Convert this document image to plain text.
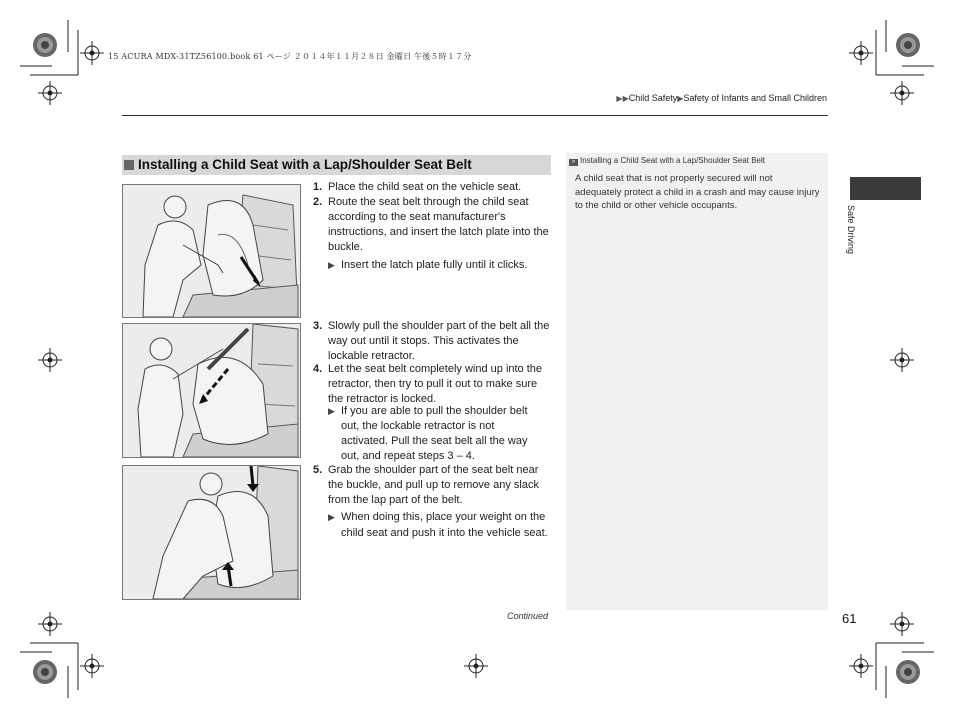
15 ACURA MDX-31TZ56100.book 61 ページ ２０１４年１１月２８日 金曜日 午後５時１７分
▶▶Child Safety▶Safety of Infants and Small Children
Installing a Child Seat with a Lap/Shoulder Seat Belt
1. Place the child seat on the vehicle seat.
2. Route the seat belt through the child seat according to the seat manufacturer's instructions, and insert the latch plate into the buckle.
▶ Insert the latch plate fully until it clicks.
3. Slowly pull the shoulder part of the belt all the way out until it stops. This activates the lockable retractor.
4. Let the seat belt completely wind up into the retractor, then try to pull it out to make sure the retractor is locked.
▶ If you are able to pull the shoulder belt out, the lockable retractor is not activated. Pull the seat belt all the way out, and repeat steps 3 – 4.
5. Grab the shoulder part of the seat belt near the buckle, and pull up to remove any slack from the lap part of the belt.
▶ When doing this, place your weight on the child seat and push it into the vehicle seat.
Continued
» Installing a Child Seat with a Lap/Shoulder Seat Belt
A child seat that is not properly secured will not adequately protect a child in a crash and may cause injury to the child or other vehicle occupants.	Safe Driving
61
